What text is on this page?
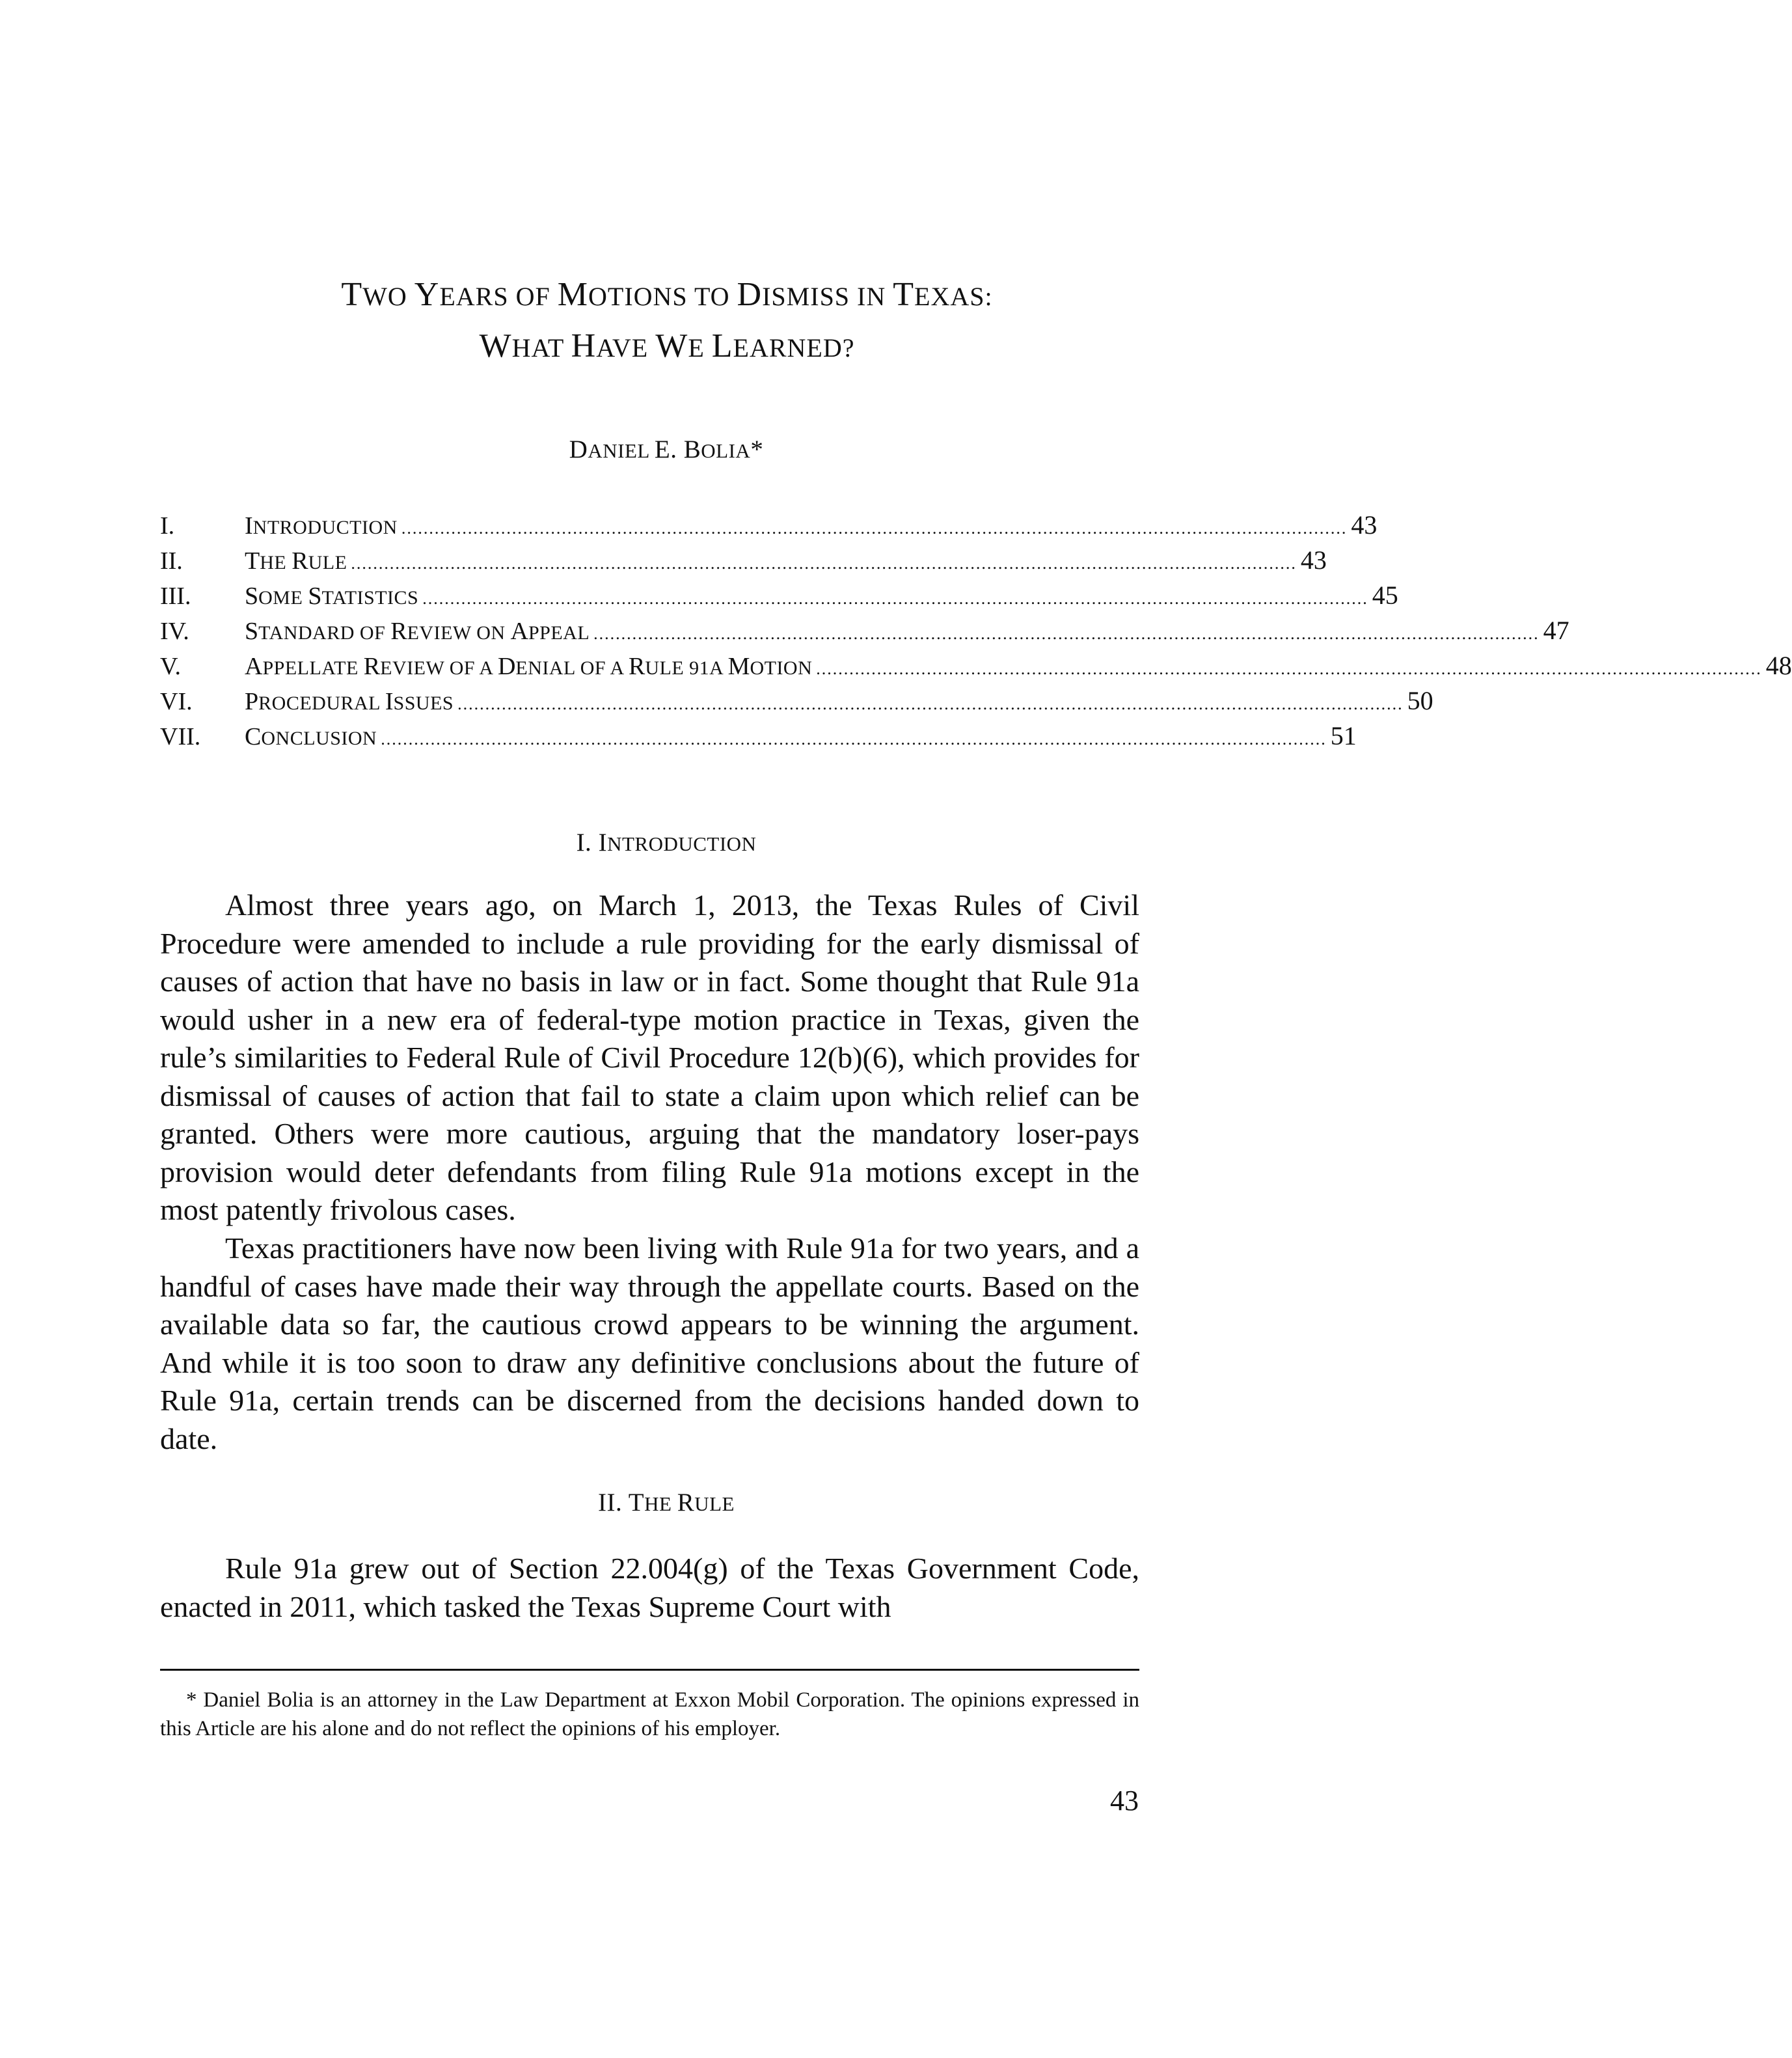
TWO YEARS OF MOTIONS TO DISMISS IN TEXAS:
WHAT HAVE WE LEARNED?
DANIEL E. BOLIA*
I.	INTRODUCTION ........................................................................................................................................................................... 43
II.	THE RULE ........................................................................................................................................................................... 43
III.	SOME STATISTICS ........................................................................................................................................................................... 45
IV.	STANDARD OF REVIEW ON APPEAL ........................................................................................................................................................................... 47
V.	APPELLATE REVIEW OF A DENIAL OF A RULE 91A MOTION ........................................................................................................................................................................... 48
VI.	PROCEDURAL ISSUES ........................................................................................................................................................................... 50
VII.	CONCLUSION ........................................................................................................................................................................... 51
I. INTRODUCTION

Almost three years ago, on March 1, 2013, the Texas Rules of Civil Procedure were amended to include a rule providing for the early dismissal of causes of action that have no basis in law or in fact. Some thought that Rule 91a would usher in a new era of federal-type motion practice in Texas, given the rule’s similarities to Federal Rule of Civil Procedure 12(b)(6), which provides for dismissal of causes of action that fail to state a claim upon which relief can be granted. Others were more cautious, arguing that the mandatory loser-pays provision would deter defendants from filing Rule 91a motions except in the most patently frivolous cases.

Texas practitioners have now been living with Rule 91a for two years, and a handful of cases have made their way through the appellate courts. Based on the available data so far, the cautious crowd appears to be winning the argument. And while it is too soon to draw any definitive conclusions about the future of Rule 91a, certain trends can be discerned from the decisions handed down to date.

II. THE RULE

Rule 91a grew out of Section 22.004(g) of the Texas Government Code, enacted in 2011, which tasked the Texas Supreme Court with

* Daniel Bolia is an attorney in the Law Department at Exxon Mobil Corporation. The opinions expressed in this Article are his alone and do not reflect the opinions of his employer.

43
